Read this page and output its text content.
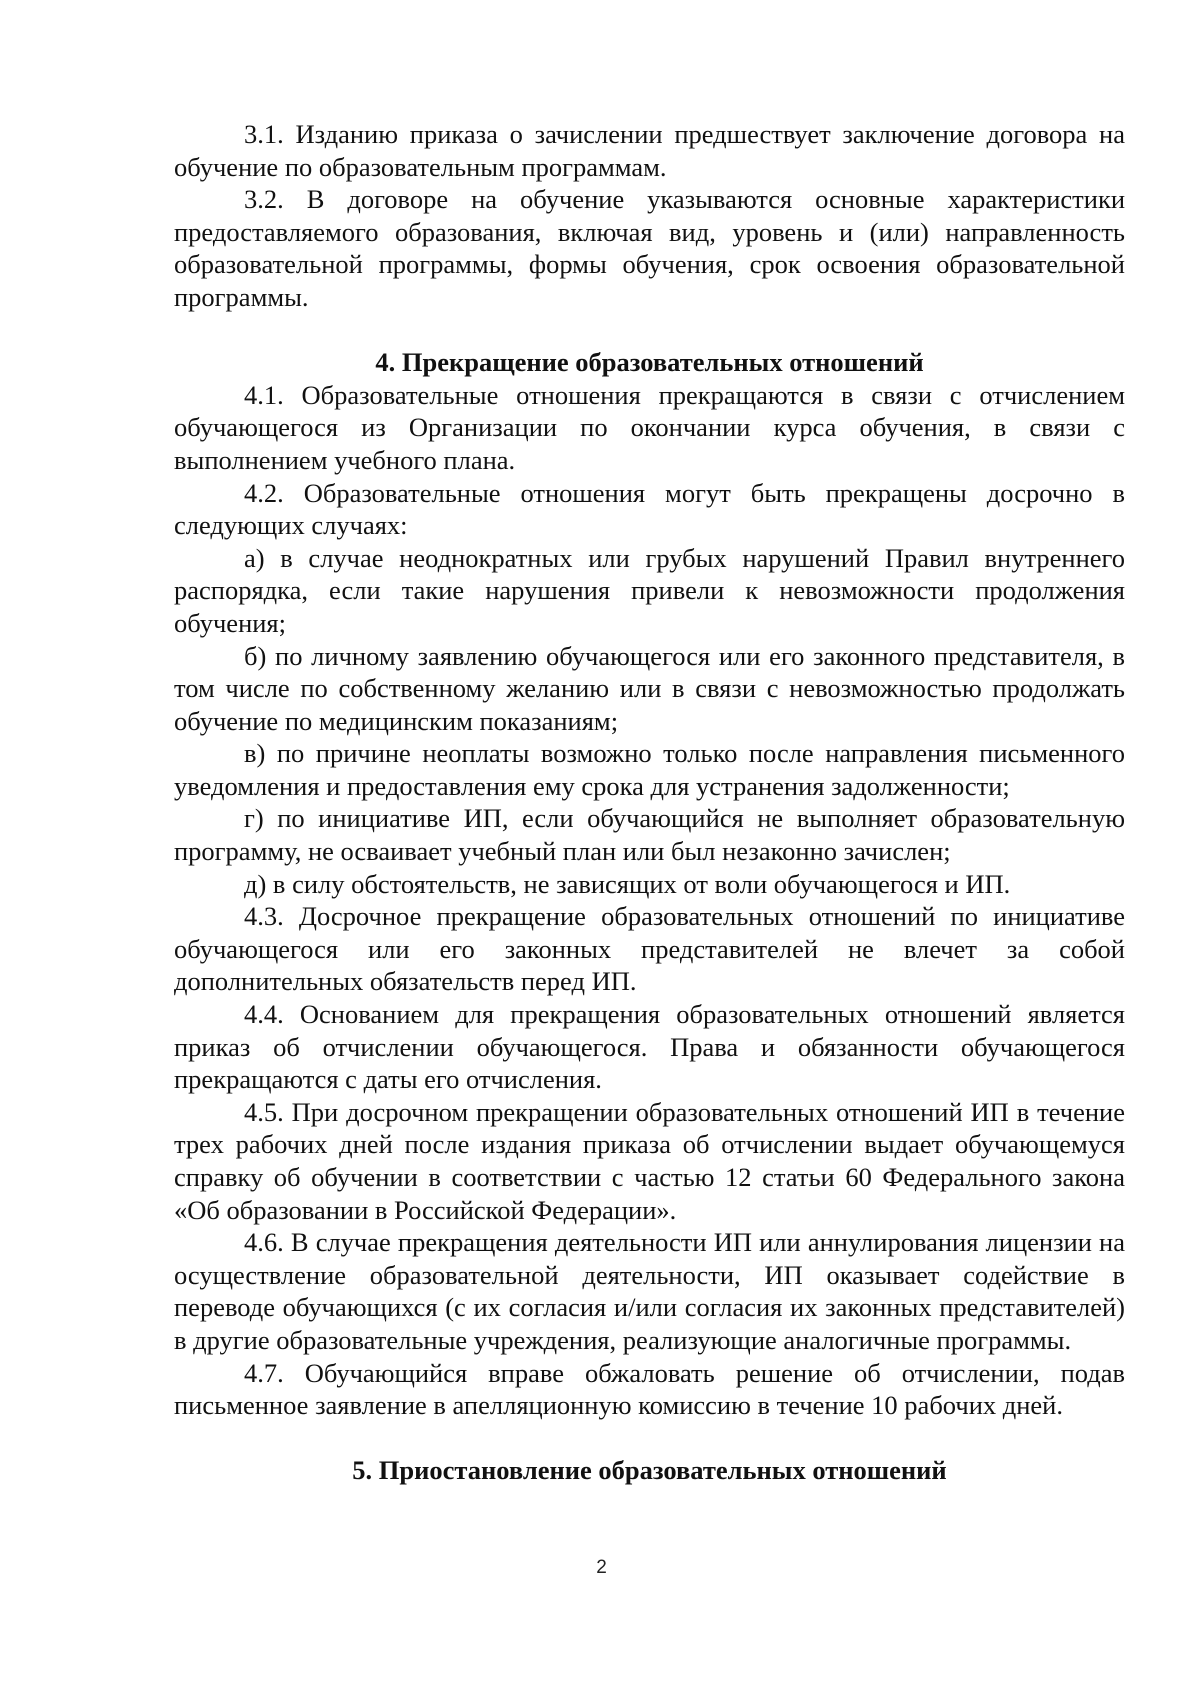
3.1. Изданию приказа о зачислении предшествует заключение договора на обучение по образовательным программам.

3.2. В договоре на обучение указываются основные характеристики предоставляемого образования, включая вид, уровень и (или) направленность образовательной программы, формы обучения, срок освоения образовательной программы.

4. Прекращение образовательных отношений

4.1. Образовательные отношения прекращаются в связи с отчислением обучающегося из Организации по окончании курса обучения, в связи с выполнением учебного плана.

4.2. Образовательные отношения могут быть прекращены досрочно в следующих случаях:

а) в случае неоднократных или грубых нарушений Правил внутреннего распорядка, если такие нарушения привели к невозможности продолжения обучения;

б) по личному заявлению обучающегося или его законного представителя, в том числе по собственному желанию или в связи с невозможностью продолжать обучение по медицинским показаниям;

в) по причине неоплаты возможно только после направления письменного уведомления и предоставления ему срока для устранения задолженности;

г) по инициативе ИП, если обучающийся не выполняет образовательную программу, не осваивает учебный план или был незаконно зачислен;

д) в силу обстоятельств, не зависящих от воли обучающегося и ИП.

4.3. Досрочное прекращение образовательных отношений по инициативе обучающегося или его законных представителей не влечет за собой дополнительных обязательств перед ИП.

4.4. Основанием для прекращения образовательных отношений является приказ об отчислении обучающегося. Права и обязанности обучающегося прекращаются с даты его отчисления.

4.5. При досрочном прекращении образовательных отношений ИП в течение трех рабочих дней после издания приказа об отчислении выдает обучающемуся справку об обучении в соответствии с частью 12 статьи 60 Федерального закона «Об образовании в Российской Федерации».

4.6. В случае прекращения деятельности ИП или аннулирования лицензии на осуществление образовательной деятельности, ИП оказывает содействие в переводе обучающихся (с их согласия и/или согласия их законных представителей) в другие образовательные учреждения, реализующие аналогичные программы.

4.7. Обучающийся вправе обжаловать решение об отчислении, подав письменное заявление в апелляционную комиссию в течение 10 рабочих дней.

5. Приостановление образовательных отношений

2
